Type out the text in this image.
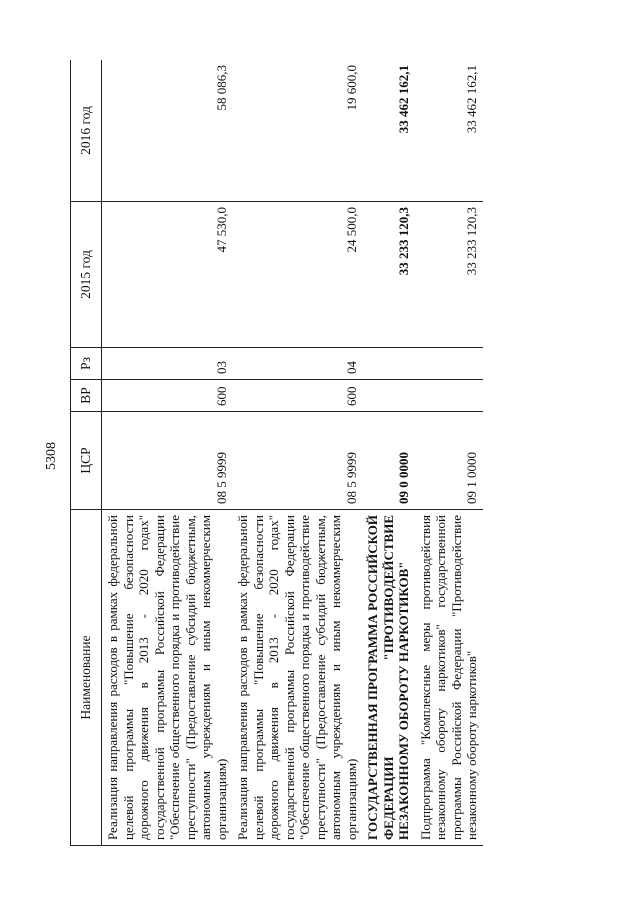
5308
Наименование	ЦСР	ВР	Рз	2015 год	2016 год
Реализация направления расходов в рамках федеральной целевой программы "Повышение безопасности дорожного движения в 2013 - 2020 годах" государственной программы Российской Федерации "Обеспечение общественного порядка и противодействие преступности" (Предоставление субсидий бюджетным, автономным учреждениям и иным некоммерческим организациям)	08 5 9999	600	03	47 530,0	58 086,3
Реализация направления расходов в рамках федеральной целевой программы "Повышение безопасности дорожного движения в 2013 - 2020 годах" государственной программы Российской Федерации "Обеспечение общественного порядка и противодействие преступности" (Предоставление субсидий бюджетным, автономным учреждениям и иным некоммерческим организациям)	08 5 9999	600	04	24 500,0	19 600,0
ГОСУДАРСТВЕННАЯ ПРОГРАММА РОССИЙСКОЙ ФЕДЕРАЦИИ "ПРОТИВОДЕЙСТВИЕ НЕЗАКОННОМУ ОБОРОТУ НАРКОТИКОВ"	09 0 0000			33 233 120,3	33 462 162,1
Подпрограмма "Комплексные меры противодействия незаконному обороту наркотиков" государственной программы Российской Федерации "Противодействие незаконному обороту наркотиков"	09 1 0000			33 233 120,3	33 462 162,1
